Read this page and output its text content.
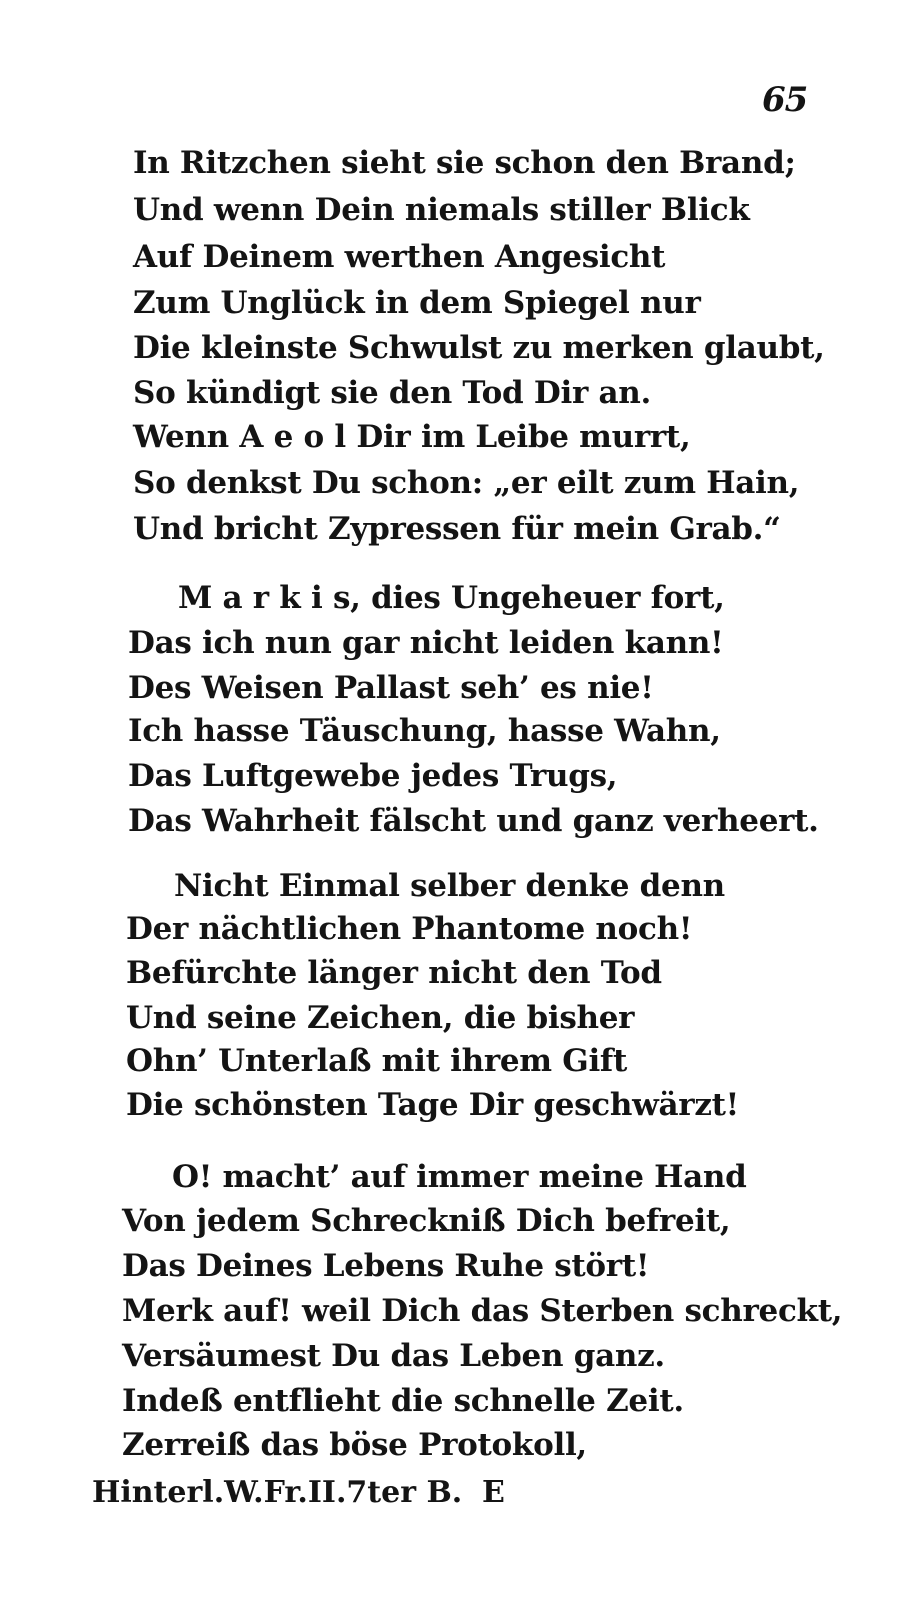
65
In Ritzchen sieht sie schon den Brand;
Und wenn Dein niemals stiller Blick
Auf Deinem werthen Angesicht
Zum Unglück in dem Spiegel nur
Die kleinste Schwulst zu merken glaubt,
So kündigt sie den Tod Dir an.
Wenn A e o l Dir im Leibe murrt,
So denkst Du schon: „er eilt zum Hain,
Und bricht Zypressen für mein Grab.“
M a r k i s, dies Ungeheuer fort,
Das ich nun gar nicht leiden kann!
Des Weisen Pallast seh’ es nie!
Ich hasse Täuschung, hasse Wahn,
Das Luftgewebe jedes Trugs,
Das Wahrheit fälscht und ganz verheert.
Nicht Einmal selber denke denn
Der nächtlichen Phantome noch!
Befürchte länger nicht den Tod
Und seine Zeichen, die bisher
Ohn’ Unterlaß mit ihrem Gift
Die schönsten Tage Dir geschwärzt!
O! macht’ auf immer meine Hand
Von jedem Schreckniß Dich befreit,
Das Deines Lebens Ruhe stört!
Merk auf! weil Dich das Sterben schreckt,
Versäumest Du das Leben ganz.
Indeß entflieht die schnelle Zeit.
Zerreiß das böse Protokoll,
Hinterl.W.Fr.II.7ter B. E
